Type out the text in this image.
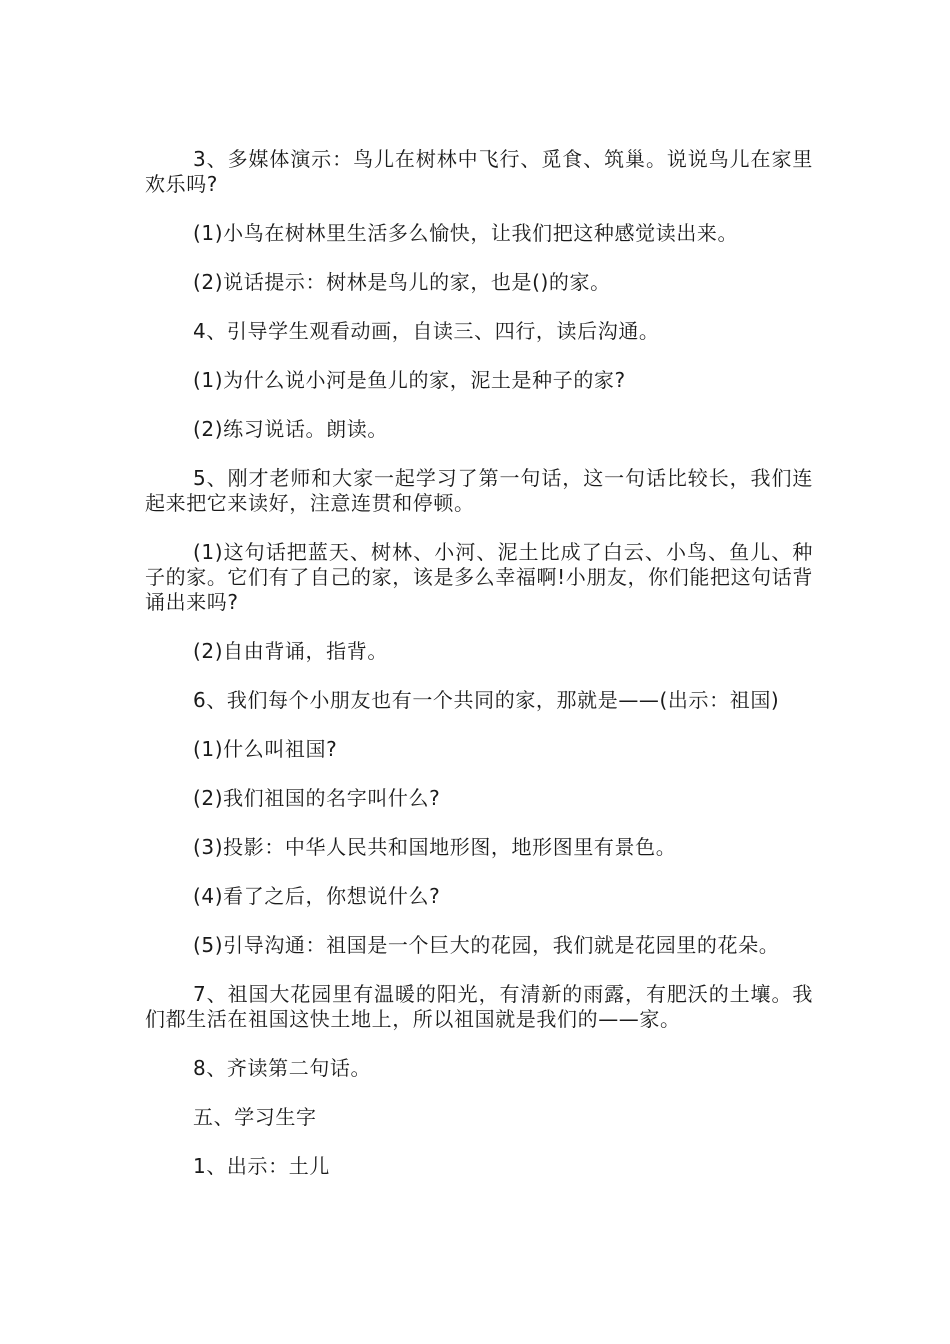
3、多媒体演示：鸟儿在树林中飞行、觅食、筑巢。说说鸟儿在家里欢乐吗?

(1)小鸟在树林里生活多么愉快，让我们把这种感觉读出来。

(2)说话提示：树林是鸟儿的家，也是()的家。

4、引导学生观看动画，自读三、四行，读后沟通。

(1)为什么说小河是鱼儿的家，泥土是种子的家?

(2)练习说话。朗读。

5、刚才老师和大家一起学习了第一句话，这一句话比较长，我们连起来把它来读好，注意连贯和停顿。

(1)这句话把蓝天、树林、小河、泥土比成了白云、小鸟、鱼儿、种子的家。它们有了自己的家，该是多么幸福啊!小朋友，你们能把这句话背诵出来吗?

(2)自由背诵，指背。

6、我们每个小朋友也有一个共同的家，那就是——(出示：祖国)

(1)什么叫祖国?

(2)我们祖国的名字叫什么?

(3)投影：中华人民共和国地形图，地形图里有景色。

(4)看了之后，你想说什么?

(5)引导沟通：祖国是一个巨大的花园，我们就是花园里的花朵。

7、祖国大花园里有温暖的阳光，有清新的雨露，有肥沃的土壤。我们都生活在祖国这快土地上，所以祖国就是我们的——家。

8、齐读第二句话。

五、学习生字

1、出示：土儿
